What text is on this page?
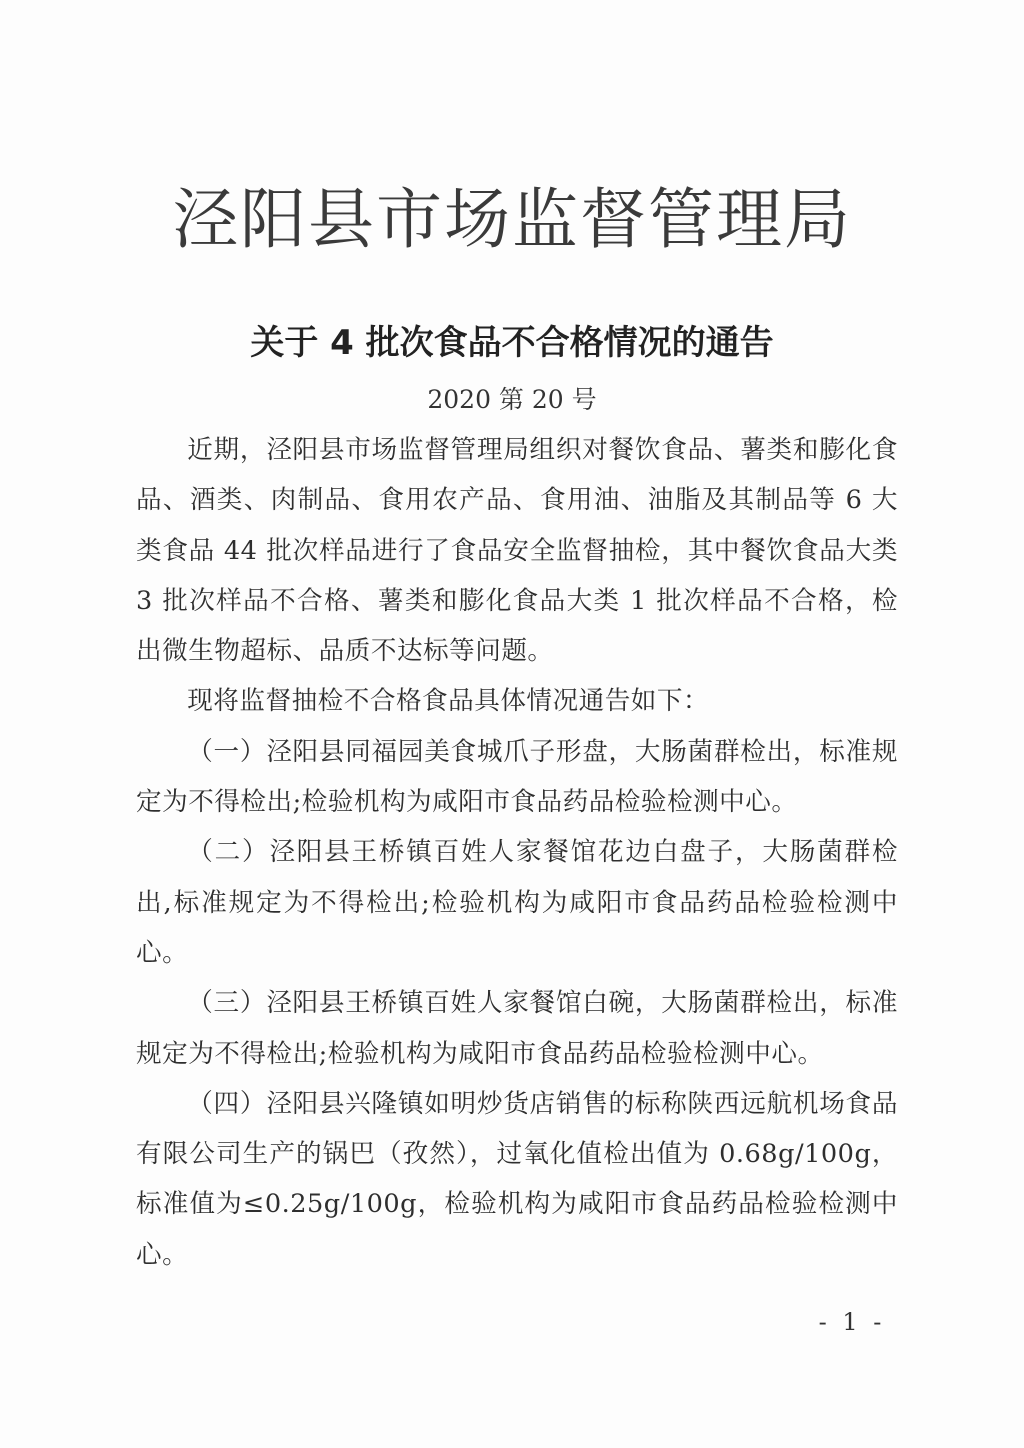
泾阳县市场监督管理局
关于 4 批次食品不合格情况的通告
2020 第 20 号

近期，泾阳县市场监督管理局组织对餐饮食品、薯类和膨化食品、酒类、肉制品、食用农产品、食用油、油脂及其制品等 6 大类食品 44 批次样品进行了食品安全监督抽检，其中餐饮食品大类 3 批次样品不合格、薯类和膨化食品大类 1 批次样品不合格，检出微生物超标、品质不达标等问题。

现将监督抽检不合格食品具体情况通告如下：

（一）泾阳县同福园美食城爪子形盘，大肠菌群检出，标准规定为不得检出;检验机构为咸阳市食品药品检验检测中心。

（二）泾阳县王桥镇百姓人家餐馆花边白盘子，大肠菌群检出,标准规定为不得检出;检验机构为咸阳市食品药品检验检测中心。

（三）泾阳县王桥镇百姓人家餐馆白碗，大肠菌群检出，标准规定为不得检出;检验机构为咸阳市食品药品检验检测中心。

（四）泾阳县兴隆镇如明炒货店销售的标称陕西远航机场食品有限公司生产的锅巴（孜然），过氧化值检出值为 0.68g/100g，标准值为≤0.25g/100g，检验机构为咸阳市食品药品检验检测中心。

- 1 -
